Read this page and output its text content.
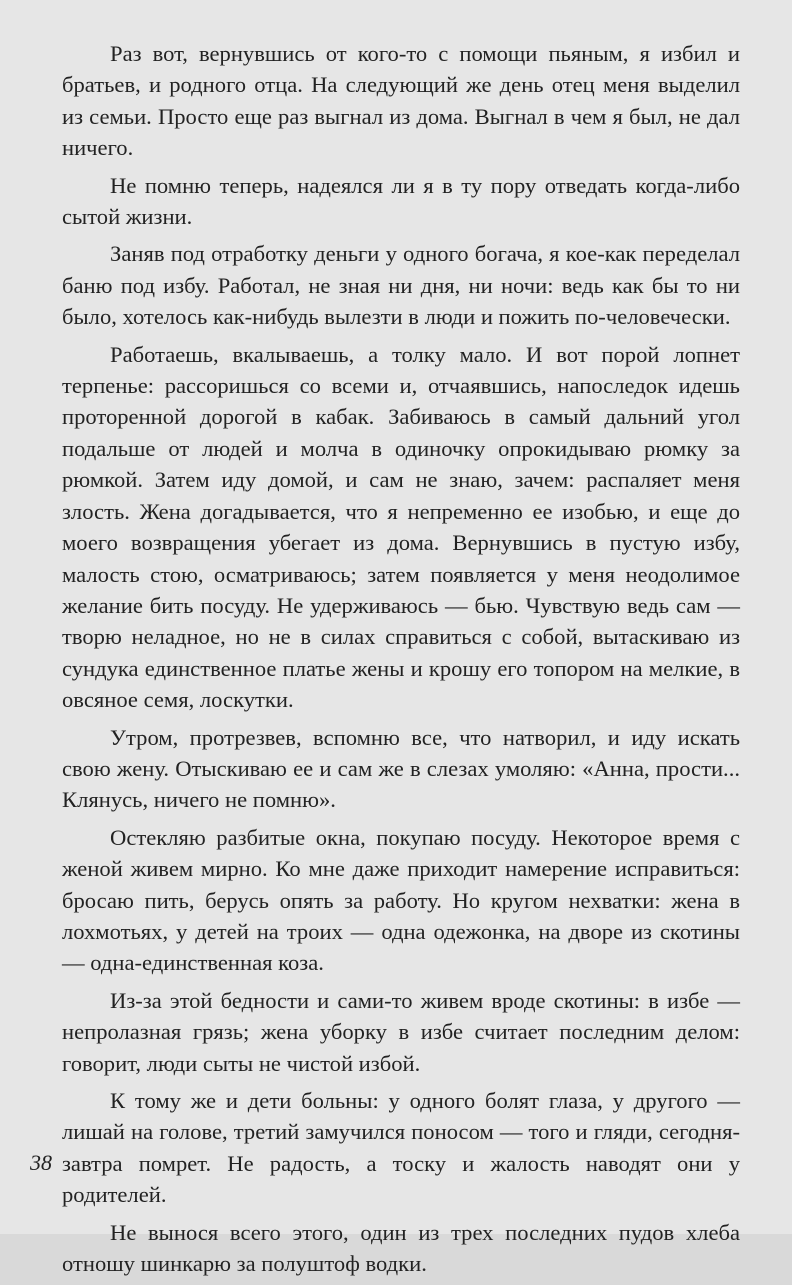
Раз вот, вернувшись от кого-то с помощи пьяным, я избил и братьев, и родного отца. На следующий же день отец меня выделил из семьи. Просто еще раз выгнал из дома. Выгнал в чем я был, не дал ничего.

Не помню теперь, надеялся ли я в ту пору отведать когда-либо сытой жизни.

Заняв под отработку деньги у одного богача, я кое-как переделал баню под избу. Работал, не зная ни дня, ни ночи: ведь как бы то ни было, хотелось как-нибудь вылезти в люди и пожить по-человечески.

Работаешь, вкалываешь, а толку мало. И вот порой лопнет терпенье: рассоришься со всеми и, отчаявшись, напоследок идешь проторенной дорогой в кабак. Забиваюсь в самый дальний угол подальше от людей и молча в одиночку опрокидываю рюмку за рюмкой. Затем иду домой, и сам не знаю, зачем: распаляет меня злость. Жена догадывается, что я непременно ее изобью, и еще до моего возвращения убегает из дома. Вернувшись в пустую избу, малость стою, осматриваюсь; затем появляется у меня неодолимое желание бить посуду. Не удерживаюсь — бью. Чувствую ведь сам — творю неладное, но не в силах справиться с собой, вытаскиваю из сундука единственное платье жены и крошу его топором на мелкие, в овсяное семя, лоскутки.

Утром, протрезвев, вспомню все, что натворил, и иду искать свою жену. Отыскиваю ее и сам же в слезах умоляю: «Анна, прости... Клянусь, ничего не помню».

Остекляю разбитые окна, покупаю посуду. Некоторое время с женой живем мирно. Ко мне даже приходит намерение исправиться: бросаю пить, берусь опять за работу. Но кругом нехватки: жена в лохмотьях, у детей на троих — одна одежонка, на дворе из скотины — одна-единственная коза.

Из-за этой бедности и сами-то живем вроде скотины: в избе — непролазная грязь; жена уборку в избе считает последним делом: говорит, люди сыты не чистой избой.

К тому же и дети больны: у одного болят глаза, у другого — лишай на голове, третий замучился поносом — того и гляди, сегодня-завтра помрет. Не радость, а тоску и жалость наводят они у родителей.

Не вынося всего этого, один из трех последних пудов хлеба отношу шинкарю за полуштоф водки.

38
